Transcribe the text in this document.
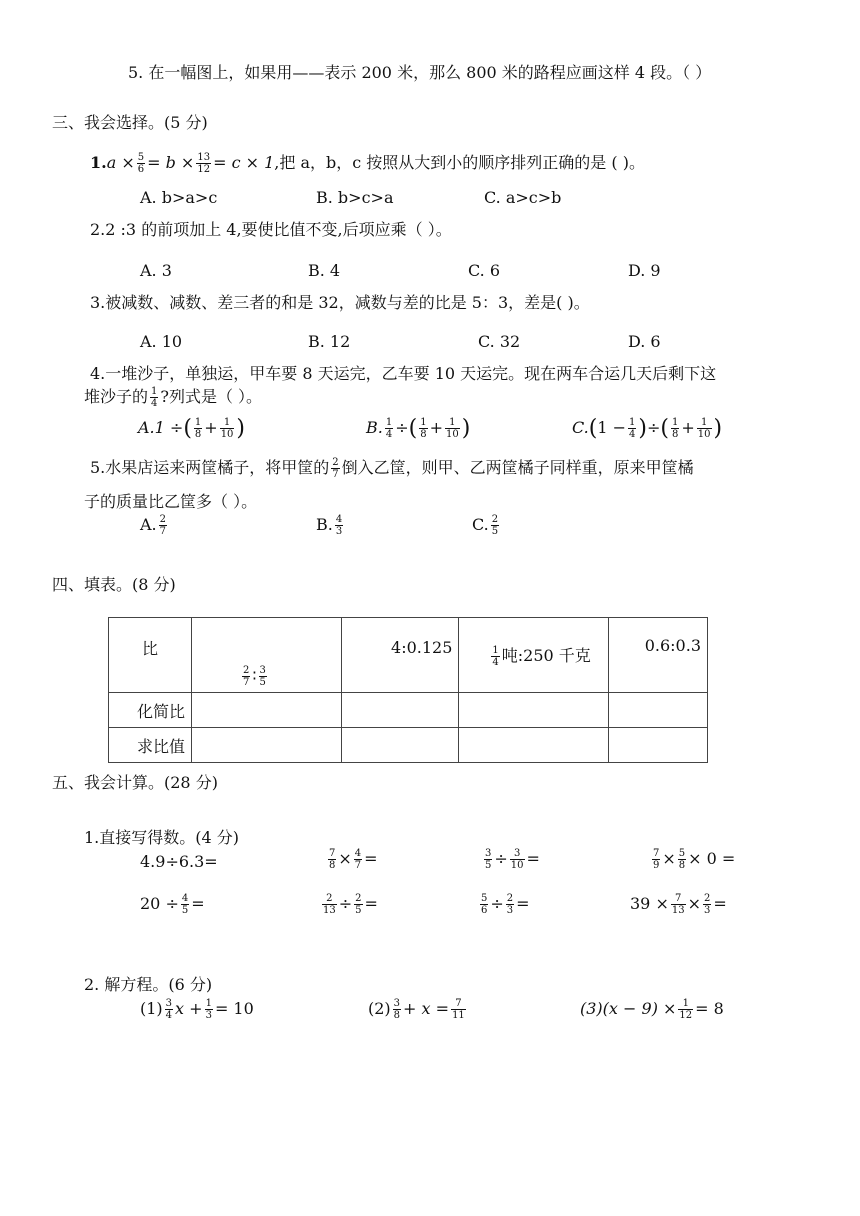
5. 在一幅图上，如果用——表示 200 米，那么 800 米的路程应画这样 4 段。（ ）
三、我会选择。(5 分)
$1.a \times \frac{5}{6} = b \times \frac{13}{12} = c \times 1$,把 a，b，c 按照从大到小的顺序排列正确的是 ( )。
A. b>a>c	B. b>c>a	C. a>c>b
2.2 :3 的前项加上 4,要使比值不变,后项应乘（ ）。
A. 3	B. 4	C. 6	D. 9
3.被减数、减数、差三者的和是 32，减数与差的比是 5：3，差是( )。
A. 10	B. 12	C. 32	D. 6
4.一堆沙子，单独运，甲车要 8 天运完，乙车要 10 天运完。现在两车合运几天后剩下这
堆沙子的 $\frac{1}{4}$ ?列式是（ ）。
A.1 ÷( $\frac{1}{8} + \frac{1}{10}$ )	B. $\frac{1}{4}$ ÷( $\frac{1}{8} + \frac{1}{10}$ )	$C.(1 - \frac{1}{4}$ )÷( $\frac{1}{8} + \frac{1}{10}$ )
5.水果店运来两筐橘子，将甲筐的 $\frac{2}{7}$ 倒入乙筐，则甲、乙两筐橘子同样重，原来甲筐橘
子的质量比乙筐多（ ）。
A. $\frac{2}{7}$	B. $\frac{4}{3}$	C. $\frac{2}{5}$
四、填表。(8 分)
比	$\frac{2}{7}$ ∶ $\frac{3}{5}$	4:0.125	$\frac{1}{4}$ 吨:250 千克	0.6:0.3
化简比				
求比值				
五、我会计算。(28 分)
1.直接写得数。(4 分)
4.9÷6.3=	$\frac{7}{8} \times \frac{4}{7}$ =	$\frac{3}{5} \div \frac{3}{10}$ =	$\frac{7}{9} \times \frac{5}{8} \times 0$ =
$20 \div \frac{4}{5}$ =	$\frac{2}{13} \div \frac{2}{5}$ =	$\frac{5}{6} \div \frac{2}{3}$ =	$39 \times \frac{7}{13} \times \frac{2}{3}$ =
2. 解方程。(6 分)
$(1) \frac{3}{4}$ $x + \frac{1}{3} = 10$	$(2) \frac{3}{8} + x = \frac{7}{11}$	$(3)(x - 9) \times \frac{1}{12} = 8$
